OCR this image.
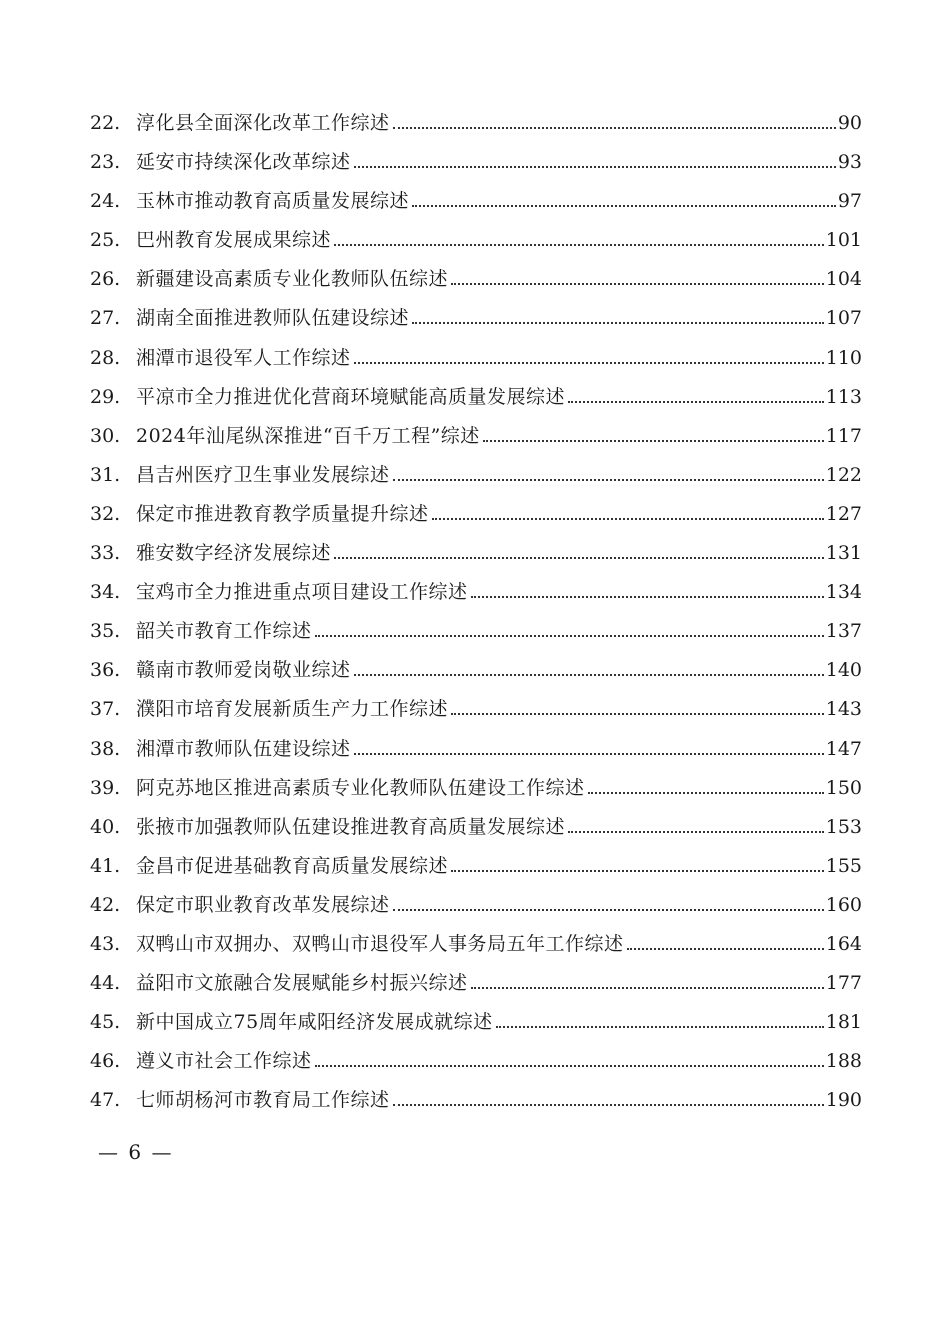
22. 淳化县全面深化改革工作综述	90
23. 延安市持续深化改革综述	93
24. 玉林市推动教育高质量发展综述	97
25. 巴州教育发展成果综述	101
26. 新疆建设高素质专业化教师队伍综述	104
27. 湖南全面推进教师队伍建设综述	107
28. 湘潭市退役军人工作综述	110
29. 平凉市全力推进优化营商环境赋能高质量发展综述	113
30. 2024年汕尾纵深推进“百千万工程”综述	117
31. 昌吉州医疗卫生事业发展综述	122
32. 保定市推进教育教学质量提升综述	127
33. 雅安数字经济发展综述	131
34. 宝鸡市全力推进重点项目建设工作综述	134
35. 韶关市教育工作综述	137
36. 赣南市教师爱岗敬业综述	140
37. 濮阳市培育发展新质生产力工作综述	143
38. 湘潭市教师队伍建设综述	147
39. 阿克苏地区推进高素质专业化教师队伍建设工作综述	150
40. 张掖市加强教师队伍建设推进教育高质量发展综述	153
41. 金昌市促进基础教育高质量发展综述	155
42. 保定市职业教育改革发展综述	160
43. 双鸭山市双拥办、双鸭山市退役军人事务局五年工作综述	164
44. 益阳市文旅融合发展赋能乡村振兴综述	177
45. 新中国成立75周年咸阳经济发展成就综述	181
46. 遵义市社会工作综述	188
47. 七师胡杨河市教育局工作综述	190
— 6 —
